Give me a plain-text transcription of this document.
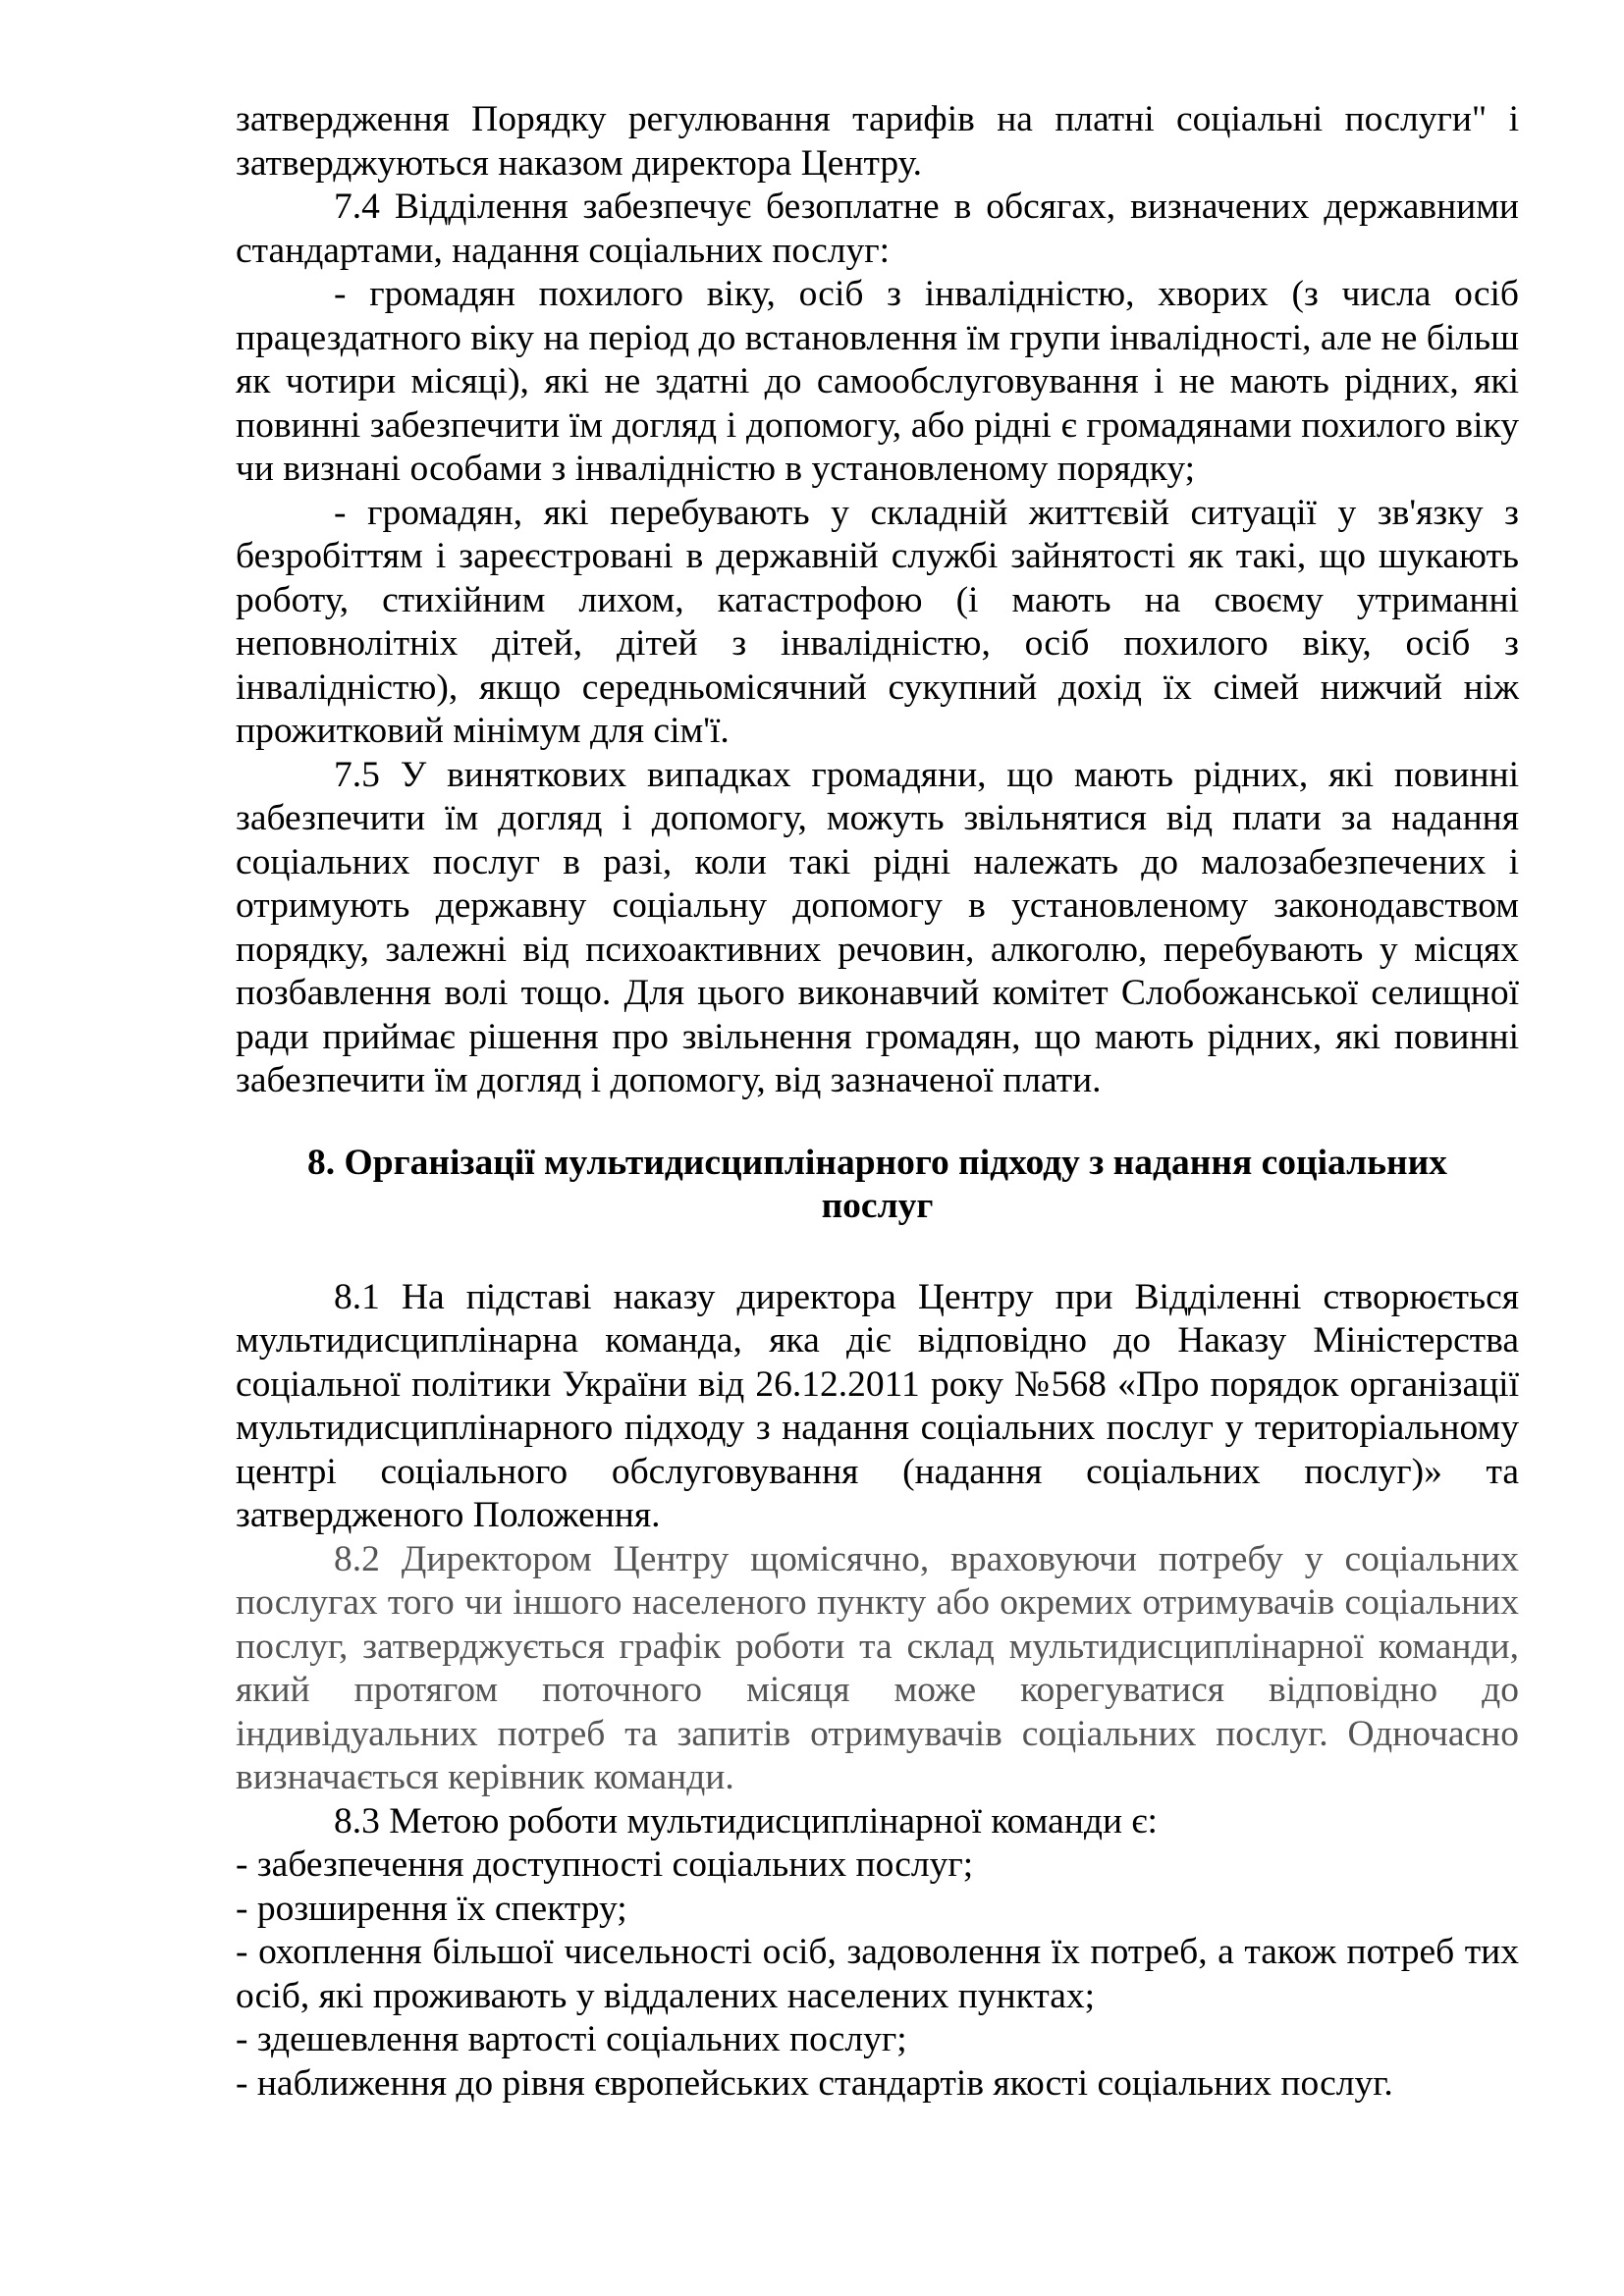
затвердження Порядку регулювання тарифів на платні соціальні послуги" і затверджуються наказом директора Центру.

7.4 Відділення забезпечує безоплатне в обсягах, визначених державними стандартами, надання соціальних послуг:

- громадян похилого віку, осіб з інвалідністю, хворих (з числа осіб працездатного віку на період до встановлення їм групи інвалідності, але не більш як чотири місяці), які не здатні до самообслуговування і не мають рідних, які повинні забезпечити їм догляд і допомогу, або рідні є громадянами похилого віку чи визнані особами з інвалідністю в установленому порядку;

- громадян, які перебувають у складній життєвій ситуації у зв'язку з безробіттям і зареєстровані в державній службі зайнятості як такі, що шукають роботу, стихійним лихом, катастрофою (і мають на своєму утриманні неповнолітніх дітей, дітей з інвалідністю, осіб похилого віку, осіб з інвалідністю), якщо середньомісячний сукупний дохід їх сімей нижчий ніж прожитковий мінімум для сім'ї.

7.5 У виняткових випадках громадяни, що мають рідних, які повинні забезпечити їм догляд і допомогу, можуть звільнятися від плати за надання соціальних послуг в разі, коли такі рідні належать до малозабезпечених і отримують державну соціальну допомогу в установленому законодавством порядку, залежні від психоактивних речовин, алкоголю, перебувають у місцях позбавлення волі тощо. Для цього виконавчий комітет Слобожанської селищної ради приймає рішення про звільнення громадян, що мають рідних, які повинні забезпечити їм догляд і допомогу, від зазначеної плати.

8. Організації мультидисциплінарного підходу з надання соціальних
послуг

8.1 На підставі наказу директора Центру при Відділенні створюється мультидисциплінарна команда, яка діє відповідно до Наказу Міністерства соціальної політики України від 26.12.2011 року №568 «Про порядок організації мультидисциплінарного підходу з надання соціальних послуг у територіальному центрі соціального обслуговування (надання соціальних послуг)» та затвердженого Положення.

8.2 Директором Центру щомісячно, враховуючи потребу у соціальних послугах того чи іншого населеного пункту або окремих отримувачів соціальних послуг, затверджується графік роботи та склад мультидисциплінарної команди, який протягом поточного місяця може корегуватися відповідно до індивідуальних потреб та запитів отримувачів соціальних послуг. Одночасно визначається керівник команди.

8.3 Метою роботи мультидисциплінарної команди є:

- забезпечення доступності соціальних послуг;

- розширення їх спектру;

- охоплення більшої чисельності осіб, задоволення їх потреб, а також потреб тих осіб, які проживають у віддалених населених пунктах;

- здешевлення вартості соціальних послуг;

- наближення до рівня європейських стандартів якості соціальних послуг.
